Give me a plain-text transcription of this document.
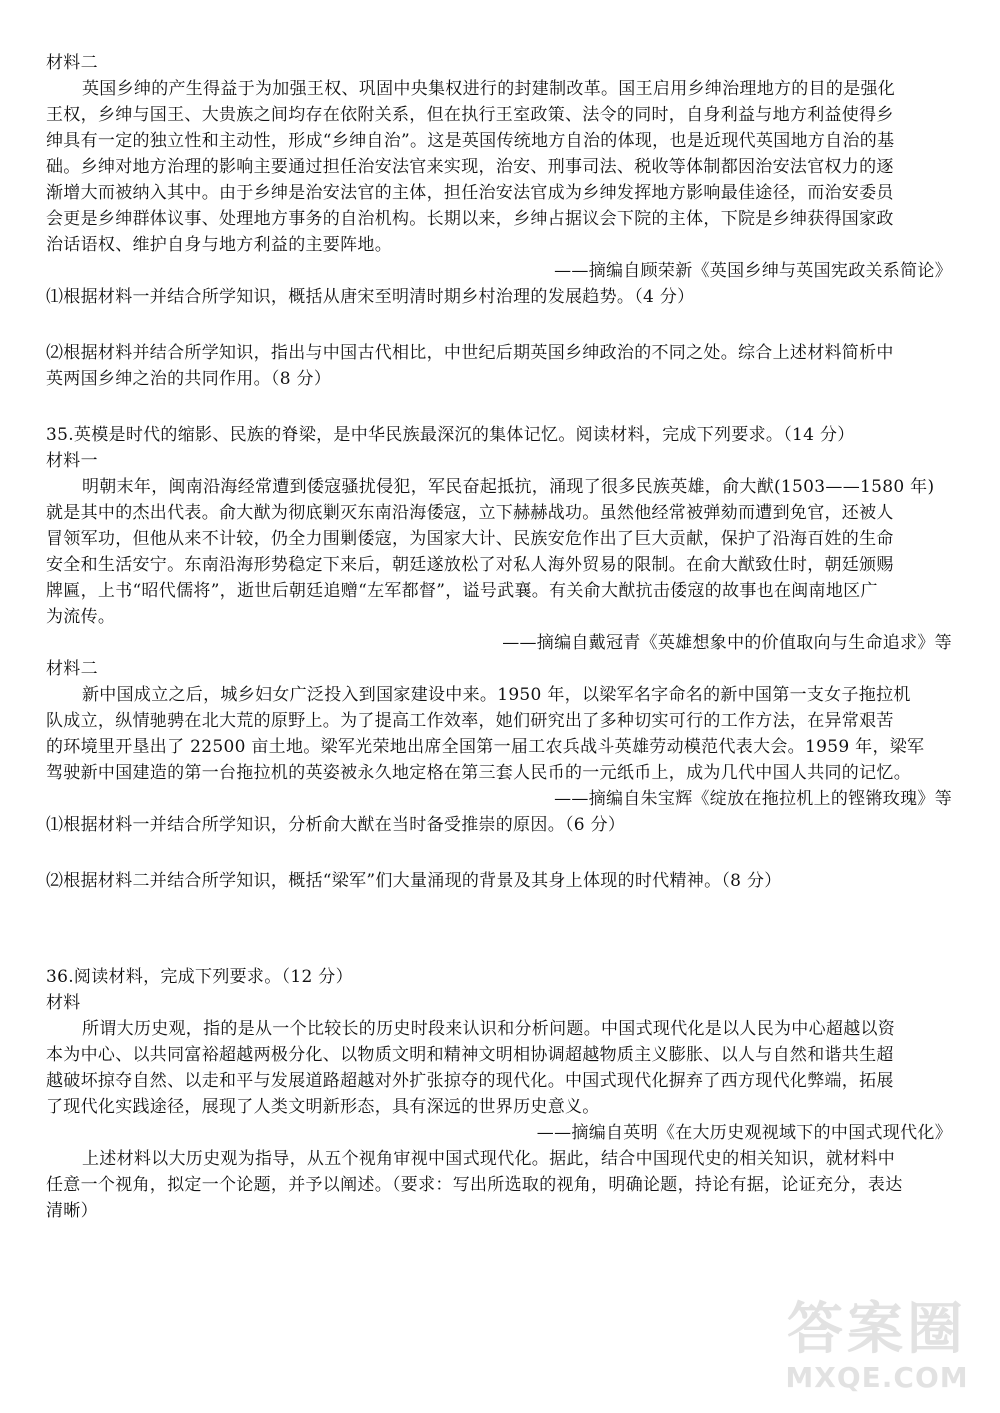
材料二
英国乡绅的产生得益于为加强王权、巩固中央集权进行的封建制改革。国王启用乡绅治理地方的目的是强化
王权，乡绅与国王、大贵族之间均存在依附关系，但在执行王室政策、法令的同时，自身利益与地方利益使得乡
绅具有一定的独立性和主动性，形成“乡绅自治”。这是英国传统地方自治的体现，也是近现代英国地方自治的基
础。乡绅对地方治理的影响主要通过担任治安法官来实现，治安、刑事司法、税收等体制都因治安法官权力的逐
渐增大而被纳入其中。由于乡绅是治安法官的主体，担任治安法官成为乡绅发挥地方影响最佳途径，而治安委员
会更是乡绅群体议事、处理地方事务的自治机构。长期以来，乡绅占据议会下院的主体，下院是乡绅获得国家政
治话语权、维护自身与地方利益的主要阵地。
——摘编自顾荣新《英国乡绅与英国宪政关系简论》
⑴根据材料一并结合所学知识，概括从唐宋至明清时期乡村治理的发展趋势。（4 分）
⑵根据材料并结合所学知识，指出与中国古代相比，中世纪后期英国乡绅政治的不同之处。综合上述材料简析中
英两国乡绅之治的共同作用。（8 分）
35.英模是时代的缩影、民族的脊梁，是中华民族最深沉的集体记忆。阅读材料，完成下列要求。（14 分）
材料一
明朝末年，闽南沿海经常遭到倭寇骚扰侵犯，军民奋起抵抗，涌现了很多民族英雄，俞大猷(1503——1580 年)
就是其中的杰出代表。俞大猷为彻底剿灭东南沿海倭寇，立下赫赫战功。虽然他经常被弹劾而遭到免官，还被人
冒领军功，但他从来不计较，仍全力围剿倭寇，为国家大计、民族安危作出了巨大贡献，保护了沿海百姓的生命
安全和生活安宁。东南沿海形势稳定下来后，朝廷遂放松了对私人海外贸易的限制。在俞大猷致仕时，朝廷颁赐
牌匾，上书“昭代儒将”，逝世后朝廷追赠“左军都督”，谥号武襄。有关俞大猷抗击倭寇的故事也在闽南地区广
为流传。
——摘编自戴冠青《英雄想象中的价值取向与生命追求》等
材料二
新中国成立之后，城乡妇女广泛投入到国家建设中来。1950 年，以梁军名字命名的新中国第一支女子拖拉机
队成立，纵情驰骋在北大荒的原野上。为了提高工作效率，她们研究出了多种切实可行的工作方法，在异常艰苦
的环境里开垦出了 22500 亩土地。梁军光荣地出席全国第一届工农兵战斗英雄劳动模范代表大会。1959 年，梁军
驾驶新中国建造的第一台拖拉机的英姿被永久地定格在第三套人民币的一元纸币上，成为几代中国人共同的记忆。
——摘编自朱宝辉《绽放在拖拉机上的铿锵玫瑰》等
⑴根据材料一并结合所学知识，分析俞大猷在当时备受推崇的原因。（6 分）
⑵根据材料二并结合所学知识，概括“梁军”们大量涌现的背景及其身上体现的时代精神。（8 分）
36.阅读材料，完成下列要求。（12 分）
材料
所谓大历史观，指的是从一个比较长的历史时段来认识和分析问题。中国式现代化是以人民为中心超越以资
本为中心、以共同富裕超越两极分化、以物质文明和精神文明相协调超越物质主义膨胀、以人与自然和谐共生超
越破坏掠夺自然、以走和平与发展道路超越对外扩张掠夺的现代化。中国式现代化摒弃了西方现代化弊端，拓展
了现代化实践途径，展现了人类文明新形态，具有深远的世界历史意义。
——摘编自英明《在大历史观视域下的中国式现代化》
上述材料以大历史观为指导，从五个视角审视中国式现代化。据此，结合中国现代史的相关知识，就材料中
任意一个视角，拟定一个论题，并予以阐述。（要求：写出所选取的视角，明确论题，持论有据，论证充分，表达
清晰）
答案圈
MXQE.COM
